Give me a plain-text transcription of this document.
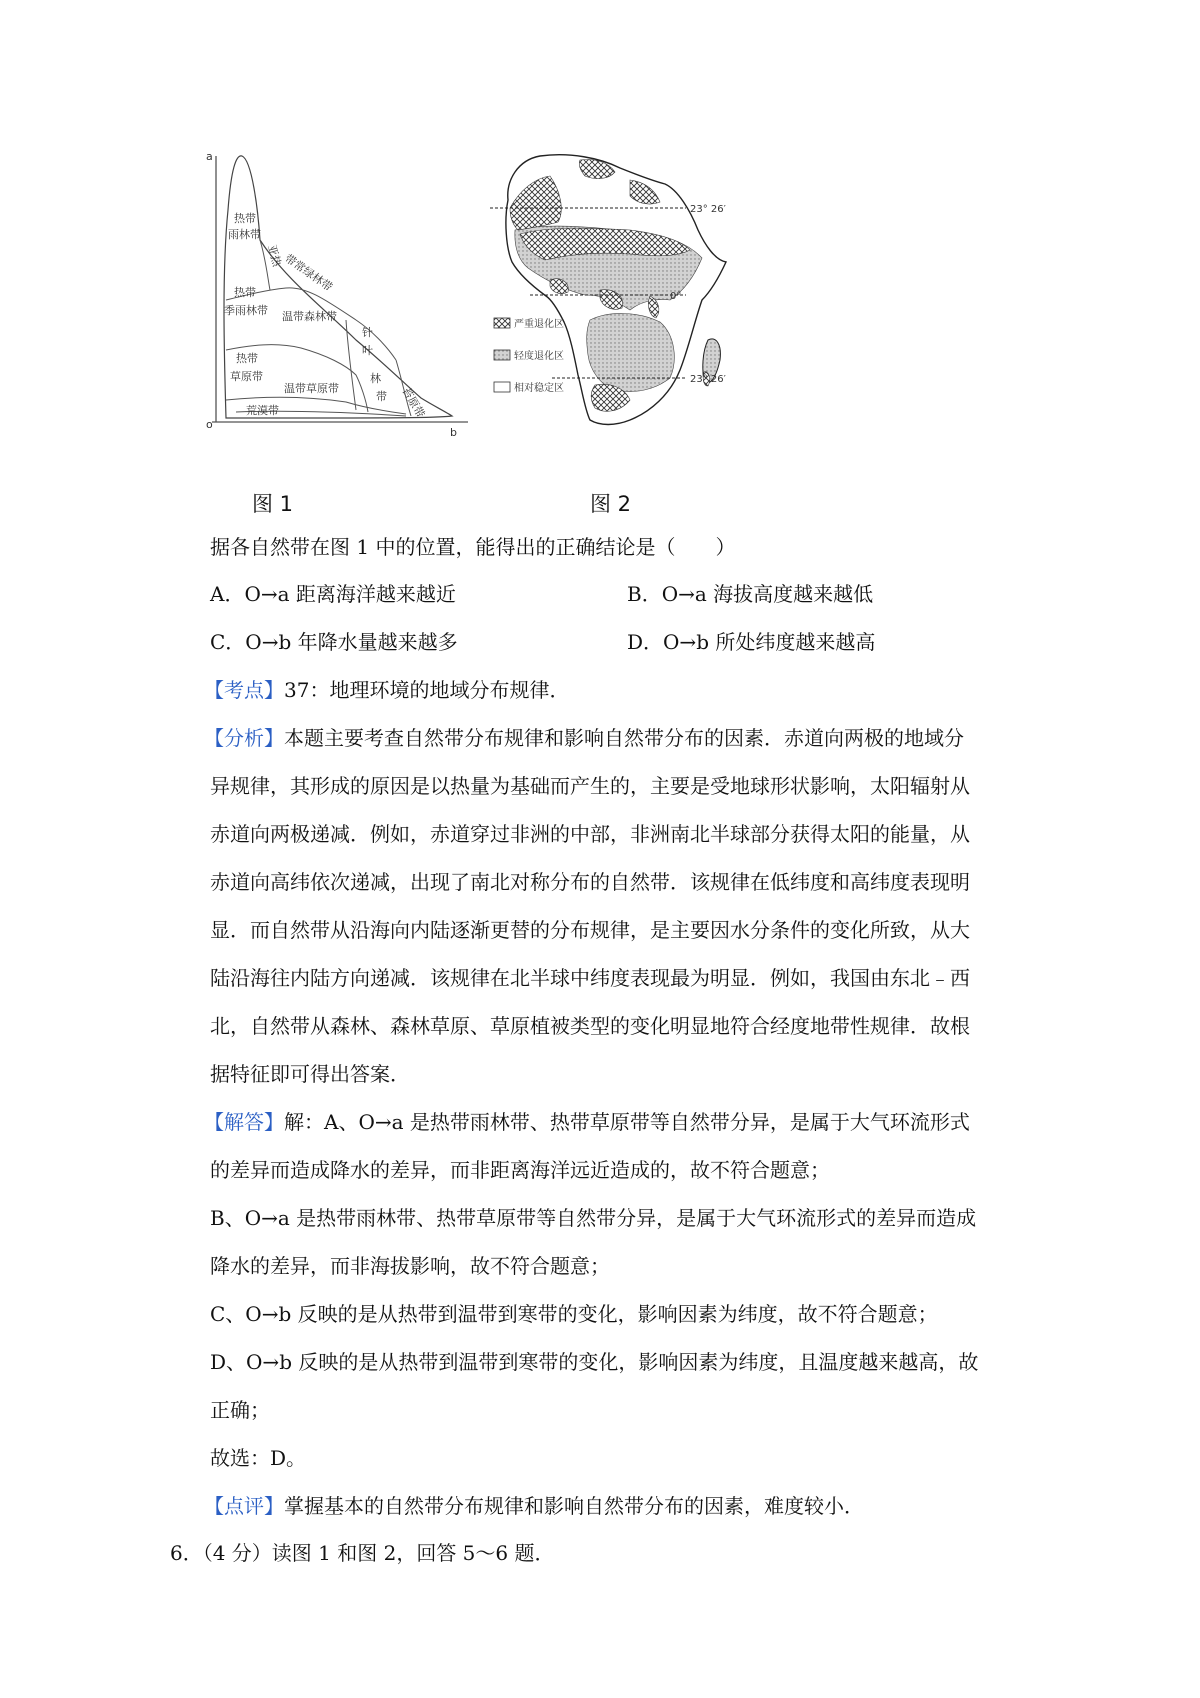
a
o
b
热带
雨林带
亚热
带常绿林带
热带
季雨林带 温带森林带
针
叶
林
带
热带
草原带
温带草原带	苔原带
荒漠带
图 1
23° 26′
0°
23° 26′
严重退化区
轻度退化区
相对稳定区
图 2
据各自然带在图 1 中的位置，能得出的正确结论是（　　）
A．O→a 距离海洋越来越近	B．O→a 海拔高度越来越低
C．O→b 年降水量越来越多	D．O→b 所处纬度越来越高
【考点】37：地理环境的地域分布规律．
【分析】本题主要考查自然带分布规律和影响自然带分布的因素．赤道向两极的地域分
异规律，其形成的原因是以热量为基础而产生的，主要是受地球形状影响，太阳辐射从
赤道向两极递减．例如，赤道穿过非洲的中部，非洲南北半球部分获得太阳的能量，从
赤道向高纬依次递减，出现了南北对称分布的自然带．该规律在低纬度和高纬度表现明
显．而自然带从沿海向内陆逐渐更替的分布规律，是主要因水分条件的变化所致，从大
陆沿海往内陆方向递减．该规律在北半球中纬度表现最为明显．例如，我国由东北﹣西
北，自然带从森林、森林草原、草原植被类型的变化明显地符合经度地带性规律．故根
据特征即可得出答案．
【解答】解：A、O→a 是热带雨林带、热带草原带等自然带分异，是属于大气环流形式
的差异而造成降水的差异，而非距离海洋远近造成的，故不符合题意；
B、O→a 是热带雨林带、热带草原带等自然带分异，是属于大气环流形式的差异而造成
降水的差异，而非海拔影响，故不符合题意；
C、O→b 反映的是从热带到温带到寒带的变化，影响因素为纬度，故不符合题意；
D、O→b 反映的是从热带到温带到寒带的变化，影响因素为纬度，且温度越来越高，故
正确；
故选：D。
【点评】掌握基本的自然带分布规律和影响自然带分布的因素，难度较小．
6．（4 分）读图 1 和图 2，回答 5～6 题．
